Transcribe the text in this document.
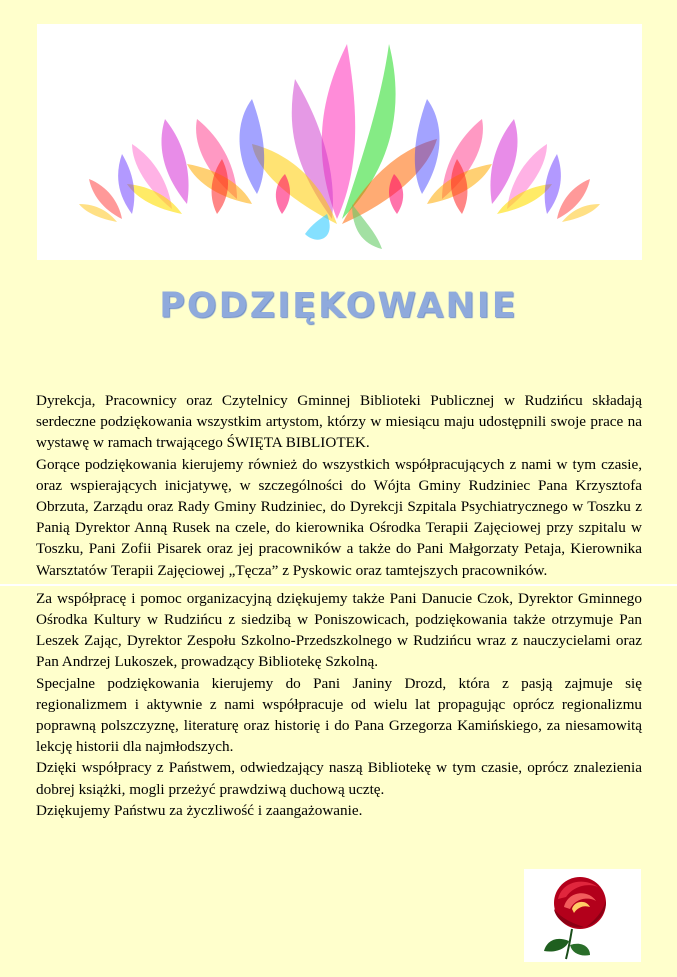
PODZIĘKOWANIE

Dyrekcja, Pracownicy oraz Czytelnicy Gminnej Biblioteki Publicznej w Rudzińcu składają serdeczne podziękowania wszystkim artystom, którzy w miesiącu maju udostępnili swoje prace na wystawę w ramach trwającego ŚWIĘTA BIBLIOTEK.

Gorące podziękowania kierujemy również do wszystkich współpracujących z nami w tym czasie, oraz wspierających inicjatywę, w szczególności do Wójta Gminy Rudziniec Pana Krzysztofa Obrzuta, Zarządu oraz Rady Gminy Rudziniec, do Dyrekcji Szpitala Psychiatrycznego w Toszku z Panią Dyrektor Anną Rusek na czele, do kierownika Ośrodka Terapii Zajęciowej przy szpitalu w Toszku, Pani Zofii Pisarek oraz jej pracowników a także do Pani Małgorzaty Petaja, Kierownika Warsztatów Terapii Zajęciowej „Tęcza” z Pyskowic oraz tamtejszych pracowników.

Za współpracę i pomoc organizacyjną dziękujemy także Pani Danucie Czok, Dyrektor Gminnego Ośrodka Kultury w Rudzińcu z siedzibą w Poniszowicach, podziękowania także otrzymuje Pan Leszek Zając, Dyrektor Zespołu Szkolno-Przedszkolnego w Rudzińcu wraz z nauczycielami oraz Pan Andrzej Lukoszek, prowadzący Bibliotekę Szkolną.

Specjalne podziękowania kierujemy do Pani Janiny Drozd, która z pasją zajmuje się regionalizmem i aktywnie z nami współpracuje od wielu lat propagując oprócz regionalizmu poprawną polszczyznę, literaturę oraz historię i do Pana Grzegorza Kamińskiego, za niesamowitą lekcję historii dla najmłodszych.

Dzięki współpracy z Państwem, odwiedzający naszą Bibliotekę w tym czasie, oprócz znalezienia dobrej książki, mogli przeżyć prawdziwą duchową ucztę.

Dziękujemy Państwu za życzliwość i zaangażowanie.
